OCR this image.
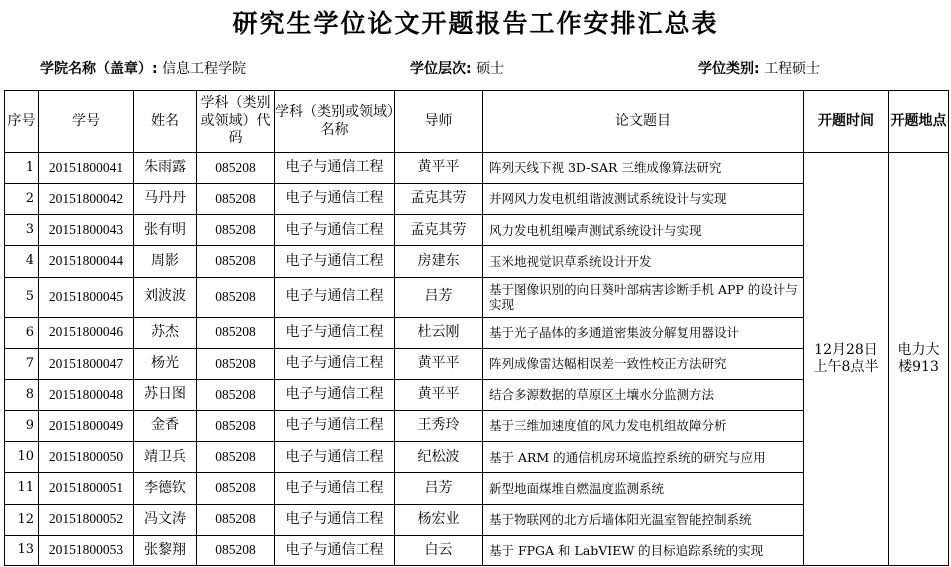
研究生学位论文开题报告工作安排汇总表
学院名称（盖章）: 信息工程学院	学位层次: 硕士	学位类别: 工程硕士
序号	学号	姓名	学科（类别或领域）代码	学科（类别或领域）名称	导师	论文题目	开题时间	开题地点
1	20151800041	朱雨露	085208	电子与通信工程	黄平平	阵列天线下视 3D-SAR 三维成像算法研究	12月28日上午8点半	电力大楼913
2	20151800042	马丹丹	085208	电子与通信工程	孟克其劳	并网风力发电机组谐波测试系统设计与实现		
3	20151800043	张有明	085208	电子与通信工程	孟克其劳	风力发电机组噪声测试系统设计与实现		
4	20151800044	周影	085208	电子与通信工程	房建东	玉米地视觉识草系统设计开发		
5	20151800045	刘波波	085208	电子与通信工程	吕芳	基于图像识别的向日葵叶部病害诊断手机 APP 的设计与实现		
6	20151800046	苏杰	085208	电子与通信工程	杜云刚	基于光子晶体的多通道密集波分解复用器设计		
7	20151800047	杨光	085208	电子与通信工程	黄平平	阵列成像雷达幅相误差一致性校正方法研究		
8	20151800048	苏日图	085208	电子与通信工程	黄平平	结合多源数据的草原区土壤水分监测方法		
9	20151800049	金香	085208	电子与通信工程	王秀玲	基于三维加速度值的风力发电机组故障分析		
10	20151800050	靖卫兵	085208	电子与通信工程	纪松波	基于 ARM 的通信机房环境监控系统的研究与应用		
11	20151800051	李德钦	085208	电子与通信工程	吕芳	新型地面煤堆自燃温度监测系统		
12	20151800052	冯文涛	085208	电子与通信工程	杨宏业	基于物联网的北方后墙体阳光温室智能控制系统		
13	20151800053	张黎翔	085208	电子与通信工程	白云	基于 FPGA 和 LabVIEW 的目标追踪系统的实现		
